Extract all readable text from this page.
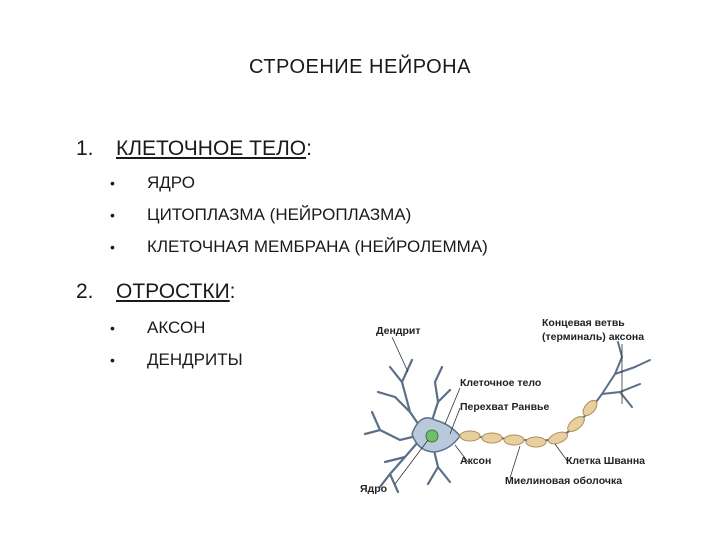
СТРОЕНИЕ НЕЙРОНА
1. КЛЕТОЧНОЕ ТЕЛО:
• ЯДРО
• ЦИТОПЛАЗМА (НЕЙРОПЛАЗМА)
• КЛЕТОЧНАЯ МЕМБРАНА (НЕЙРОЛЕММА)
2. ОТРОСТКИ:
• АКСОН
• ДЕНДРИТЫ
Дендрит
Концевая ветвь
(терминаль) аксона
Клеточное тело
Перехват Ранвье
Аксон	Клетка Шванна
Ядро
Миелиновая оболочка
